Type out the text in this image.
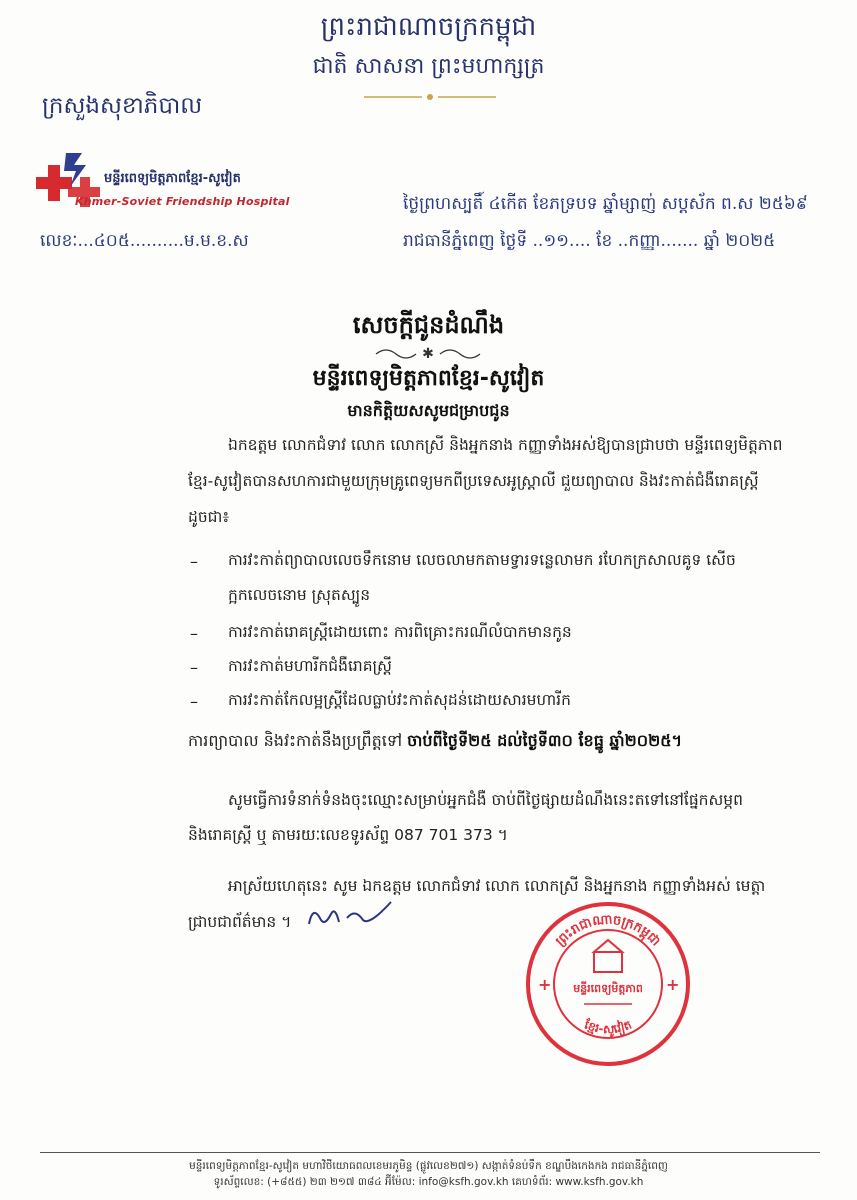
ព្រះរាជាណាចក្រកម្ពុជា
ជាតិ សាសនា ព្រះមហាក្សត្រ
ក្រសួងសុខាភិបាល
មន្ទីរពេទ្យមិត្តភាពខ្មែរ-សូវៀត
Khmer-Soviet Friendship Hospital
លេខៈ...៤០៥..........ម.ម.ខ.ស
ថ្ងៃព្រហស្បតិ៍ ៤កើត ខែភទ្របទ ឆ្នាំម្សាញ់ សប្តស័ក ព.ស ២៥៦៩
រាជធានីភ្នំពេញ ថ្ងៃទី ..១១.... ខែ ..កញ្ញា....... ឆ្នាំ ២០២៥
សេចក្ដីជូនដំណឹង
✱
មន្ទីរពេទ្យមិត្តភាពខ្មែរ-សូវៀត
មានកិត្តិយសសូមជម្រាបជូន
ឯកឧត្តម លោកជំទាវ លោក លោកស្រី និងអ្នកនាង កញ្ញាទាំងអស់ឱ្យបានជ្រាបថា មន្ទីរពេទ្យមិត្តភាព
ខ្មែរ-សូវៀតបានសហការជាមួយក្រុមគ្រូពេទ្យមកពីប្រទេសអូស្ត្រាលី ជួយព្យាបាល និងវះកាត់ជំងឺរោគស្ត្រី
ដូចជា៖
– ការវះកាត់ព្យាបាលលេចទឹកនោម លេចលាមកតាមទ្វារទន្លេលាមក រហែកក្រសាលគូទ សើច
ក្អកលេចនោម ស្រុតស្បូន
– ការវះកាត់រោគស្ត្រីដោយពោះ ការពិគ្រោះករណីលំបាកមានកូន
– ការវះកាត់មហារីកជំងឺរោគស្ត្រី
– ការវះកាត់កែលម្អស្ត្រីដែលធ្លាប់វះកាត់សុដន់ដោយសារមហារីក
ការព្យាបាល និងវះកាត់នឹងប្រព្រឹត្តទៅ ចាប់ពីថ្ងៃទី២៥ ដល់ថ្ងៃទី៣០ ខែធ្នូ ឆ្នាំ២០២៥។
សូមធ្វើការទំនាក់ទំនងចុះឈ្មោះសម្រាប់អ្នកជំងឺ ចាប់ពីថ្ងៃផ្សាយដំណឹងនេះតទៅនៅផ្នែកសម្ភព
និងរោគស្ត្រី ឬ តាមរយៈលេខទូរស័ព្ទ 087 701 373 ។
អាស្រ័យហេតុនេះ សូម ឯកឧត្តម លោកជំទាវ លោក លោកស្រី និងអ្នកនាង កញ្ញាទាំងអស់ មេត្តា
ជ្រាបជាព័ត៌មាន ។
ព្រះរាជាណាចក្រកម្ពុជា
ខ្មែរ-សូវៀត
+	+
មន្ទីរពេទ្យមិត្តភាព
មន្ទីរពេទ្យមិត្តភាពខ្មែរ-សូវៀត មហាវិថីយោធពលខេមរភូមិន្ទ (ផ្លូវលេខ២៧១) សង្កាត់ទំនប់ទឹក ខណ្ឌបឹងកេងកង រាជធានីភ្នំពេញ
ទូរស័ព្ទលេខ: (+៨៥៥) ២៣ ២១៧ ៣៨៤ អ៊ីម៉ែល: info@ksfh.gov.kh គេហទំព័រ: www.ksfh.gov.kh
